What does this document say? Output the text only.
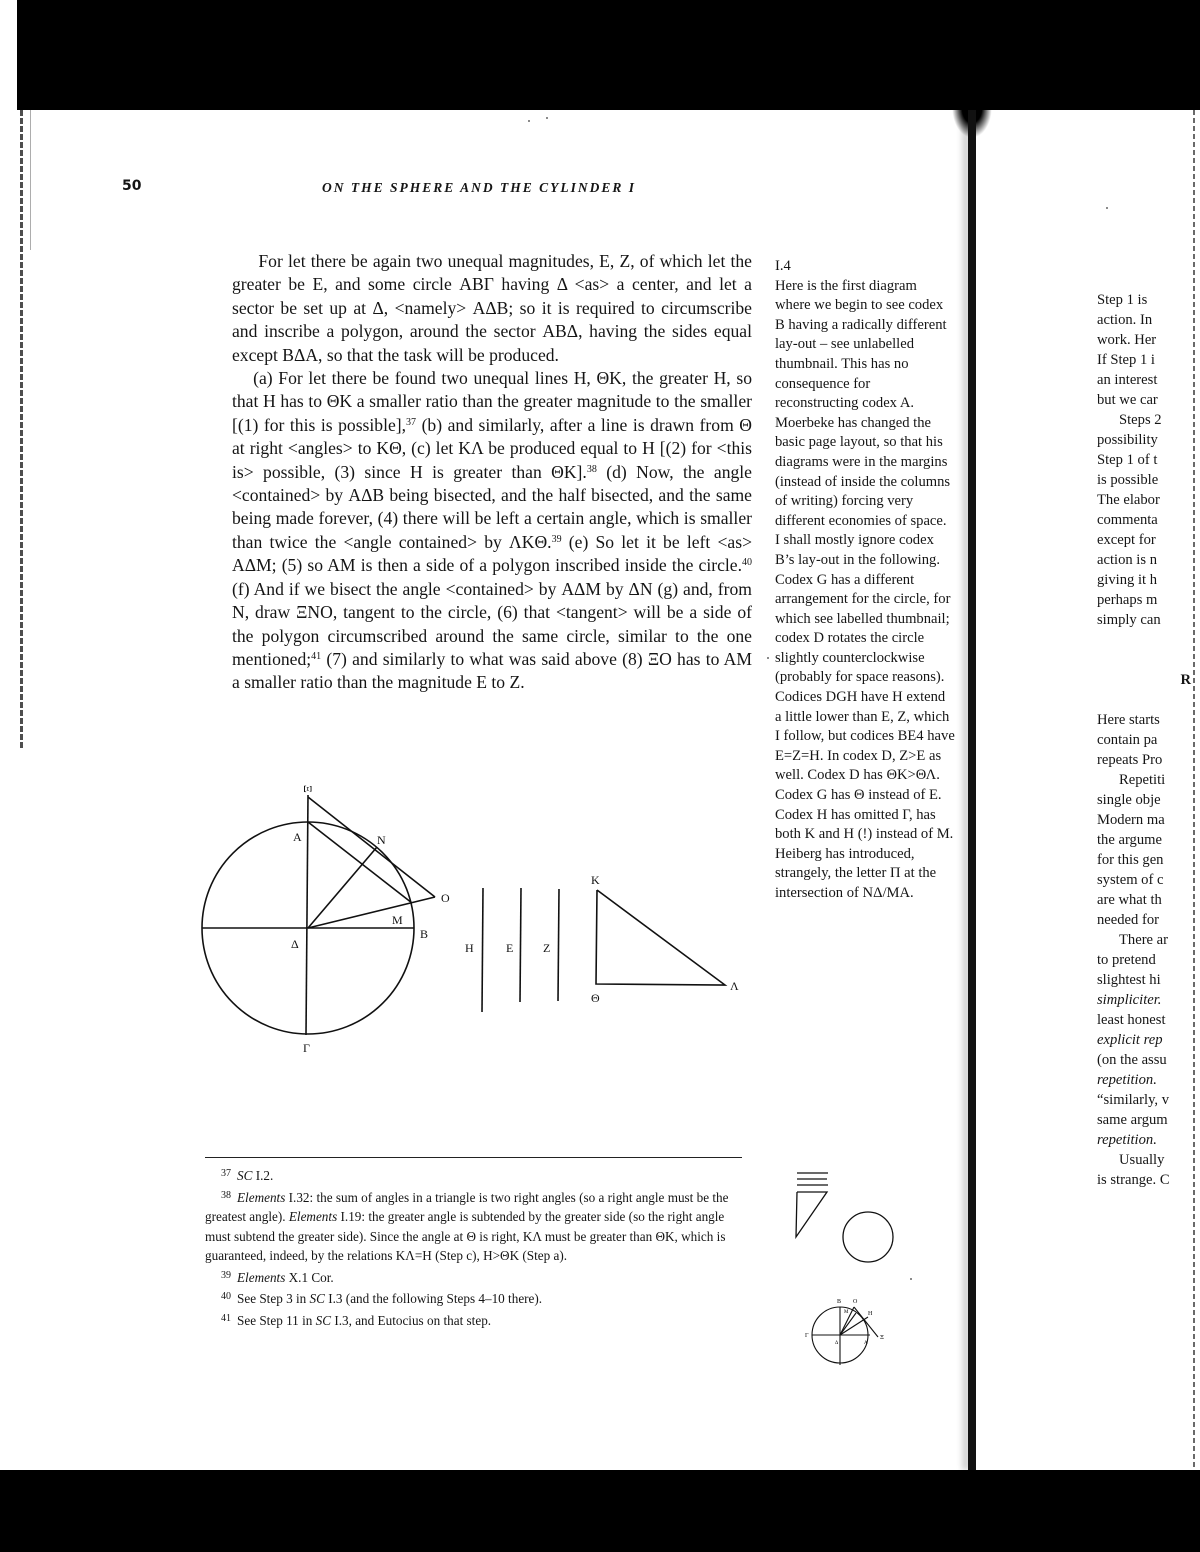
50	ON THE SPHERE AND THE CYLINDER I

For let there be again two unequal magnitudes, E, Z, of which let the greater be E, and some circle ΑΒΓ having Δ <as> a center, and let a sector be set up at Δ, <namely> ΑΔΒ; so it is required to circumscribe and inscribe a polygon, around the sector ΑΒΔ, having the sides equal except ΒΔΑ, so that the task will be produced.

(a) For let there be found two unequal lines H, ΘK, the greater H, so that H has to ΘK a smaller ratio than the greater magnitude to the smaller [(1) for this is possible],$^{37}$ (b) and similarly, after a line is drawn from Θ at right <angles> to KΘ, (c) let KΛ be produced equal to H [(2) for <this is> possible, (3) since H is greater than ΘK].$^{38}$ (d) Now, the angle <contained> by ΑΔΒ being bisected, and the half bisected, and the same being made forever, (4) there will be left a certain angle, which is smaller than twice the <angle contained> by ΛKΘ.$^{39}$ (e) So let it be left <as> ΑΔΜ; (5) so AM is then a side of a polygon inscribed inside the circle.$^{40}$ (f) And if we bisect the angle <contained> by ΑΔΜ by ΔΝ (g) and, from N, draw ΞΝΟ, tangent to the circle, (6) that <tangent> will be a side of the polygon circumscribed around the same circle, similar to the one mentioned;$^{41}$ (7) and similarly to what was said above (8) ΞΟ has to AM a smaller ratio than the magnitude E to Z.

I.4
Here is the first diagram where we begin to see codex B having a radically different lay-out – see unlabelled thumbnail. This has no consequence for reconstructing codex A. Moerbeke has changed the basic page layout, so that his diagrams were in the margins (instead of inside the columns of writing) forcing very different economies of space. I shall mostly ignore codex B’s lay-out in the following. Codex G has a different arrangement for the circle, for which see labelled thumbnail; codex D rotates the circle slightly counterclockwise (probably for space reasons). Codices DGH have H extend a little lower than E, Z, which I follow, but codices BE4 have E=Z=H. In codex D, Z>E as well. Codex D has ΘK>ΘΛ. Codex G has Θ instead of E. Codex H has omitted Γ, has both K and H (!) instead of M. Heiberg has introduced, strangely, the letter Π at the intersection of ΝΔ/ΜΑ.
Ξ
Α	Ν
Ο
Μ
Β
Δ
Γ
Η	Ε Ζ
Κ
Θ
Λ
Β Ο
Μ	Η
Γ
Δ	Α
Ξ

37 SC I.2.

38 Elements I.32: the sum of angles in a triangle is two right angles (so a right angle must be the greatest angle). Elements I.19: the greater angle is subtended by the greater side (so the right angle must subtend the greater side). Since the angle at Θ is right, KΛ must be greater than ΘK, which is guaranteed, indeed, by the relations KΛ=H (Step c), H>ΘK (Step a).

39 Elements X.1 Cor.

40 See Step 3 in SC I.3 (and the following Steps 4–10 there).

41 See Step 11 in SC I.3, and Eutocius on that step.

Step 1 is
action. In
work. Her
If Step 1 i
an interest
but we car
Steps 2
possibility
Step 1 of t
is possible
The elabor
commenta
except for
action is n
giving it h
perhaps m
simply can
R
Here starts
contain pa
repeats Pro
Repetiti
single obje
Modern ma
the argume
for this gen
system of c
are what th
needed for
There ar
to pretend
slightest hi
simpliciter.
least honest
explicit rep
(on the assu
repetition.
“similarly, v
same argum
repetition.
Usually
is strange. C
